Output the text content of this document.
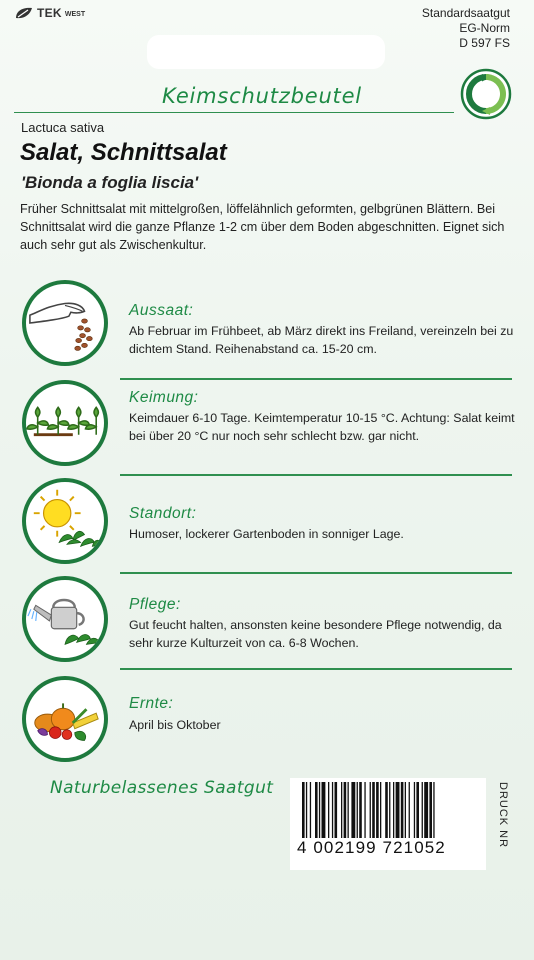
TEK WEST	Standardsaatgut
EG-Norm
D 597 FS
Keimschutzbeutel
Lactuca sativa
Salat, Schnittsalat
'Bionda a foglia liscia'
Früher Schnittsalat mit mittelgroßen, löffelähnlich geformten, gelbgrünen Blättern. Bei Schnittsalat wird die ganze Pflanze 1-2 cm über dem Boden abgeschnitten. Eignet sich auch sehr gut als Zwischenkultur.
Aussaat:
Ab Februar im Frühbeet, ab März direkt ins Freiland, vereinzeln bei zu dichtem Stand. Reihenabstand ca. 15-20 cm.
Keimung:
Keimdauer 6-10 Tage. Keimtemperatur 10-15 °C. Achtung: Salat keimt bei über 20 °C nur noch sehr schlecht bzw. gar nicht.
Standort:
Humoser, lockerer Gartenboden in sonniger Lage.
Pflege:
Gut feucht halten, ansonsten keine besondere Pflege notwendig, da sehr kurze Kulturzeit von ca. 6-8 Wochen.
Ernte:
April bis Oktober
Naturbelassenes Saatgut
4 002199 721052	DRUCK NR
